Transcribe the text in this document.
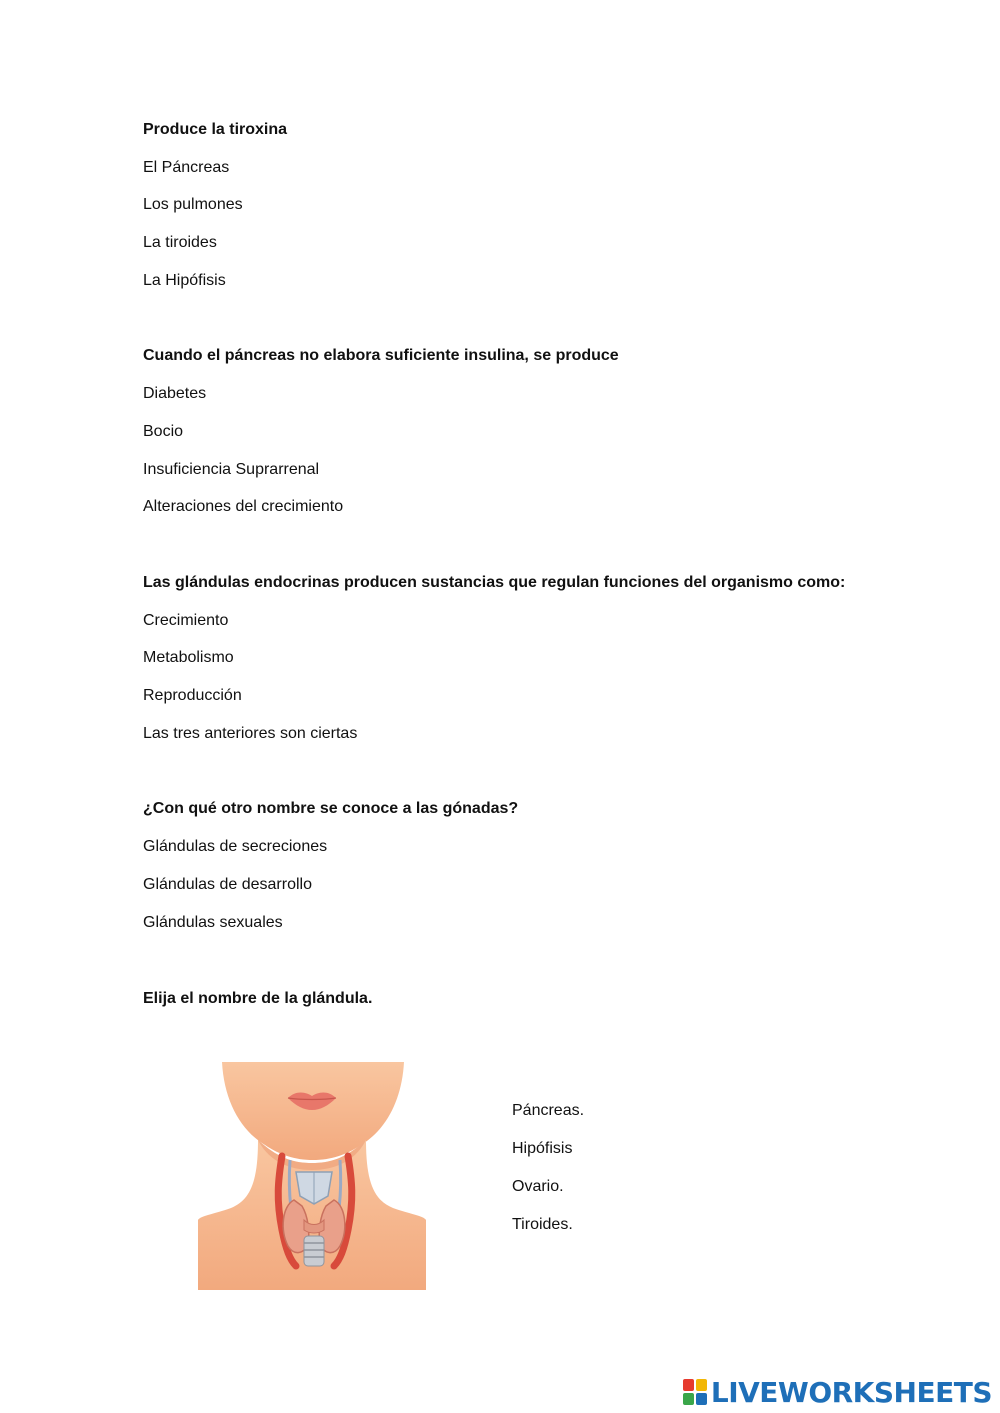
Produce la tiroxina
El Páncreas
Los pulmones
La tiroides
La Hipófisis
Cuando el páncreas no elabora suficiente insulina, se produce
Diabetes
Bocio
Insuficiencia Suprarrenal
Alteraciones del crecimiento
Las glándulas endocrinas producen sustancias que regulan funciones del organismo como:
Crecimiento
Metabolismo
Reproducción
Las tres anteriores son ciertas
¿Con qué otro nombre se conoce a las gónadas?
Glándulas de secreciones
Glándulas de desarrollo
Glándulas sexuales
Elija el nombre de la glándula.
Páncreas.
Hipófisis
Ovario.
Tiroides.
LIVEWORKSHEETS
